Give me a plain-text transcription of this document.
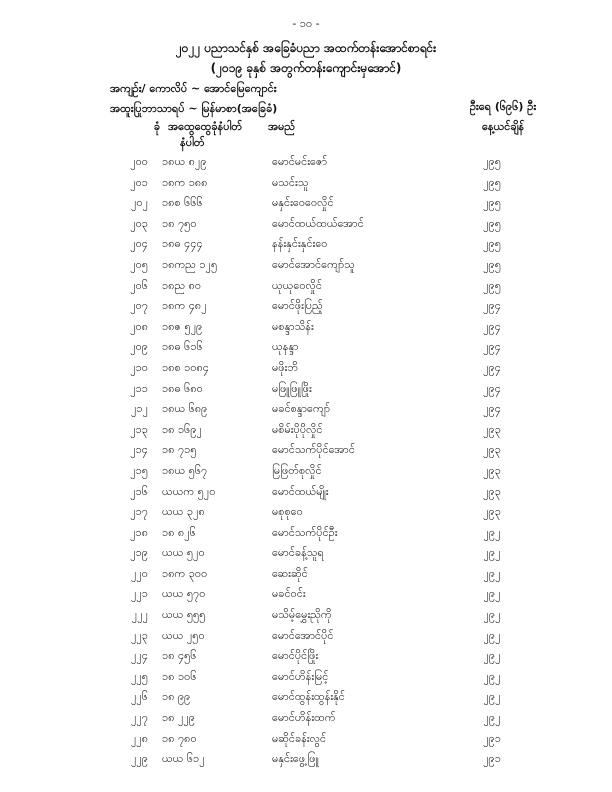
- ၁၀ -
၂၀၂၂ ပညာသင်နှစ် အခြေခံပညာ အထက်တန်းအောင်စာရင်း
(၂၀၁၉ ခုနှစ် အတွက်တန်းကျောင်းမှအောင်)
အကျဉ်း/ ကောလိပ် ~ အောင်မြေကျောင်း
အထူးပြုဘာသာရပ် ~ မြန်မာစာ(အခြေခံ)	ဦးရေ (၆၉၆) ဦး
ခုံ အထွေထွေခုံနံပါတ်
နံပါတ်
အမည်	နေ့ယင်ချိန်
၂၀၀ ၁၈ယ ၈၂၉	မောင်မင်းဇော်	၂၉၅
၂၀၁ ၁၈က ၁၈၈	မသင်းသူ	၂၉၅
၂၀၂ ၁၈စ ၆၆၆	မနှင်းဝေဝေလှိုင်	၂၉၅
၂၀၃ ၁၈ ၇၅၀	မောင်ထယ်ထယ်အောင်	၂၉၅
၂၀၄ ၁၈ဓ ၄၄၄	နန်းနှင်းနှင်းဝေ	၂၉၅
၂၀၅ ၁၈ကည ၁၂၅	မောင်အောင်ကျော်သူ	၂၉၅
၂၀၆ ၁၈ည ၈၀	ယုယုဝေလှိုင်	၂၉၅
၂၀၇ ၁၈က ၄၈၂	မောင်ဖိုးပြည့်	၂၉၄
၂၀၈ ၁၈ဇ ၅၂၉	မစန္ဒာသိန်း	၂၉၄
၂၀၉ ၁၈ဓ ၆၁၆	ယုနန္ဒာ	၂၉၄
၂၁၀ ၁၈စ ၁၀၈၄	မဖိုးဘိ	၂၉၄
၂၁၁ ၁၈ဓ ၆၈၀	မဖြူဖြူဖြိုး	၂၉၄
၂၁၂ ၁၈ယ ၆၈၉	မခင်စန္ဒာကျော်	၂၉၄
၂၁၃ ၁၈ ၁၆၉၂	မစိမ်းပိုပိုလှိုင်	၂၉၃
၂၁၄ ၁၈ ၇၁၅	မောင်သက်ပိုင်အောင်	၂၉၃
၂၁၅ ၁၈ယ ၅၆၇	မြဖြတ်စုလှိုင်	၂၉၃
၂၁၆ ယယက ၅၂၀	မောင်ထယ်မျိုး	၂၉၃
၂၁၇ ယယ ၃၂၈	မစုစုဝေ	၂၉၃
၂၁၈ ၁၈ ၈၂၆	မောင်သက်ပိုင်ဦး	၂၉၂
၂၁၉ ယယ ၅၂၀	မောင်ခန့်သူရ	၂၉၂
၂၂၀ ၁၈က ၃၀၀	ဆေးဆိုင်	၂၉၂
၂၂၁ ယယ ၅၇၀	မခင်ဝင်း	၂၉၂
၂၂၂ ယယ ၅၅၅	မသိမ့်မွှေးညိုကို	၂၉၂
၂၂၃ ယယ ၂၅၀	မောင်အောင်ပိုင်	၂၉၂
၂၂၄ ၁၈ ၄၅၆	မောင်ပိုင်ဖြိုး	၂၉၂
၂၂၅ ၁၈ ၁၀၆	မောင်ဟိန်းမြင့်	၂၉၂
၂၂၆ ၁၈ ၉၉	မောင်ထွန်းထွန်းနိုင်	၂၉၂
၂၂၇ ၁၈ ၂၂၉	မောင်ဟိန်းထက်	၂၉၂
၂၂၈ ၁၈ ၇၈၀	မဆိုင်ခန်းလွင်	၂၉၁
၂၂၉ ယယ ၆၁၂	မနှင်းဖွေ့ဖြူ	၂၉၁
